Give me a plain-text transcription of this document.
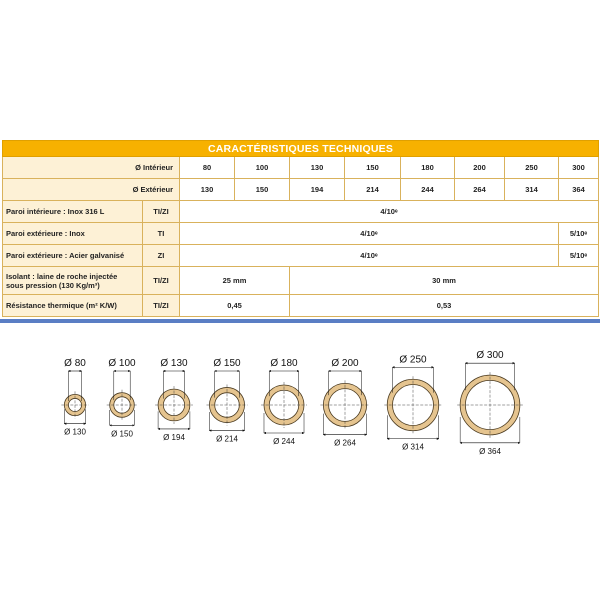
CARACTÉRISTIQUES TECHNIQUES									
Ø Intérieur		80	100	130	150	180	200	250	300
Ø Extérieur		130	150	194	214	244	264	314	364
Paroi intérieure : Inox 316 L	TI/ZI	4/10ᵉ							
Paroi extérieure : Inox	TI	4/10ᵉ							5/10ᵉ
Paroi extérieure : Acier galvanisé	ZI	4/10ᵉ							5/10ᵉ
Isolant : laine de roche injectée
sous pression (130 Kg/m³)	TI/ZI	25 mm		30 mm					
Résistance thermique (m² K/W)	TI/ZI	0,45		0,53					
Ø 80
Ø 130
Ø 100
Ø 150
Ø 130
Ø 194
Ø 150
Ø 214
Ø 180
Ø 244
Ø 200
Ø 264
Ø 250
Ø 314
Ø 300
Ø 364
